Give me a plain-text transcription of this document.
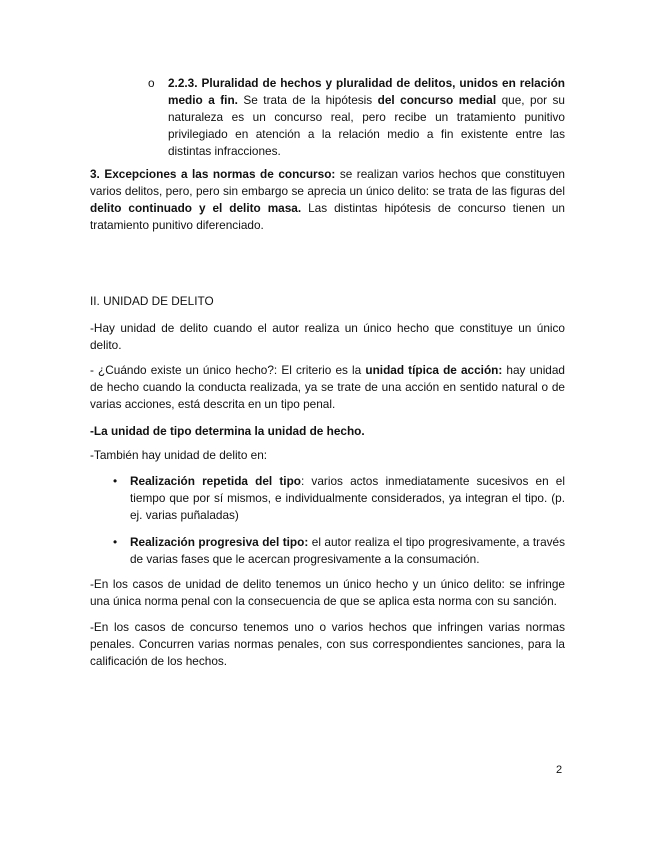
o 2.2.3. Pluralidad de hechos y pluralidad de delitos, unidos en relación medio a fin. Se trata de la hipótesis del concurso medial que, por su naturaleza es un concurso real, pero recibe un tratamiento punitivo privilegiado en atención a la relación medio a fin existente entre las distintas infracciones.

3. Excepciones a las normas de concurso: se realizan varios hechos que constituyen varios delitos, pero, pero sin embargo se aprecia un único delito: se trata de las figuras del delito continuado y el delito masa. Las distintas hipótesis de concurso tienen un tratamiento punitivo diferenciado.

II. UNIDAD DE DELITO

-Hay unidad de delito cuando el autor realiza un único hecho que constituye un único delito.

- ¿Cuándo existe un único hecho?: El criterio es la unidad típica de acción: hay unidad de hecho cuando la conducta realizada, ya se trate de una acción en sentido natural o de varias acciones, está descrita en un tipo penal.

-La unidad de tipo determina la unidad de hecho.

-También hay unidad de delito en:

• Realización repetida del tipo: varios actos inmediatamente sucesivos en el tiempo que por sí mismos, e individualmente considerados, ya integran el tipo. (p. ej. varias puñaladas)

• Realización progresiva del tipo: el autor realiza el tipo progresivamente, a través de varias fases que le acercan progresivamente a la consumación.

-En los casos de unidad de delito tenemos un único hecho y un único delito: se infringe una única norma penal con la consecuencia de que se aplica esta norma con su sanción.

-En los casos de concurso tenemos uno o varios hechos que infringen varias normas penales. Concurren varias normas penales, con sus correspondientes sanciones, para la calificación de los hechos.

2
